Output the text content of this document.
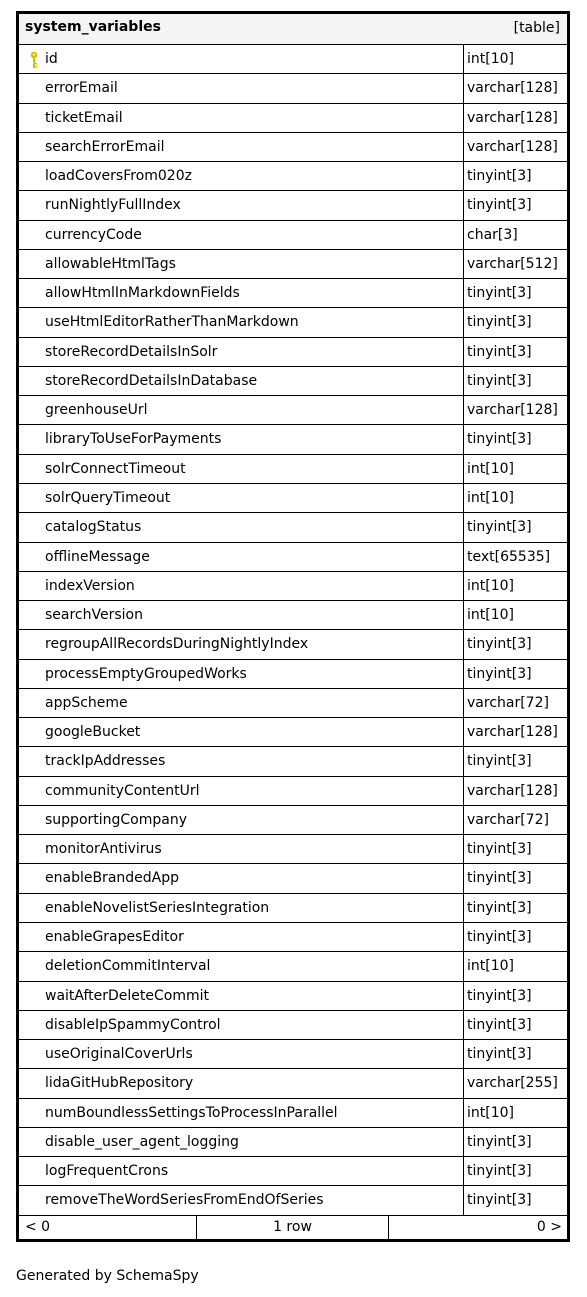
system_variables	[table]
id	int[10]
errorEmail	varchar[128]
ticketEmail	varchar[128]
searchErrorEmail	varchar[128]
loadCoversFrom020z	tinyint[3]
runNightlyFullIndex	tinyint[3]
currencyCode	char[3]
allowableHtmlTags	varchar[512]
allowHtmlInMarkdownFields	tinyint[3]
useHtmlEditorRatherThanMarkdown	tinyint[3]
storeRecordDetailsInSolr	tinyint[3]
storeRecordDetailsInDatabase	tinyint[3]
greenhouseUrl	varchar[128]
libraryToUseForPayments	tinyint[3]
solrConnectTimeout	int[10]
solrQueryTimeout	int[10]
catalogStatus	tinyint[3]
offlineMessage	text[65535]
indexVersion	int[10]
searchVersion	int[10]
regroupAllRecordsDuringNightlyIndex	tinyint[3]
processEmptyGroupedWorks	tinyint[3]
appScheme	varchar[72]
googleBucket	varchar[128]
trackIpAddresses	tinyint[3]
communityContentUrl	varchar[128]
supportingCompany	varchar[72]
monitorAntivirus	tinyint[3]
enableBrandedApp	tinyint[3]
enableNovelistSeriesIntegration	tinyint[3]
enableGrapesEditor	tinyint[3]
deletionCommitInterval	int[10]
waitAfterDeleteCommit	tinyint[3]
disableIpSpammyControl	tinyint[3]
useOriginalCoverUrls	tinyint[3]
lidaGitHubRepository	varchar[255]
numBoundlessSettingsToProcessInParallel	int[10]
disable_user_agent_logging	tinyint[3]
logFrequentCrons	tinyint[3]
removeTheWordSeriesFromEndOfSeries	tinyint[3]
< 0	1 row	0 >
Generated by SchemaSpy
